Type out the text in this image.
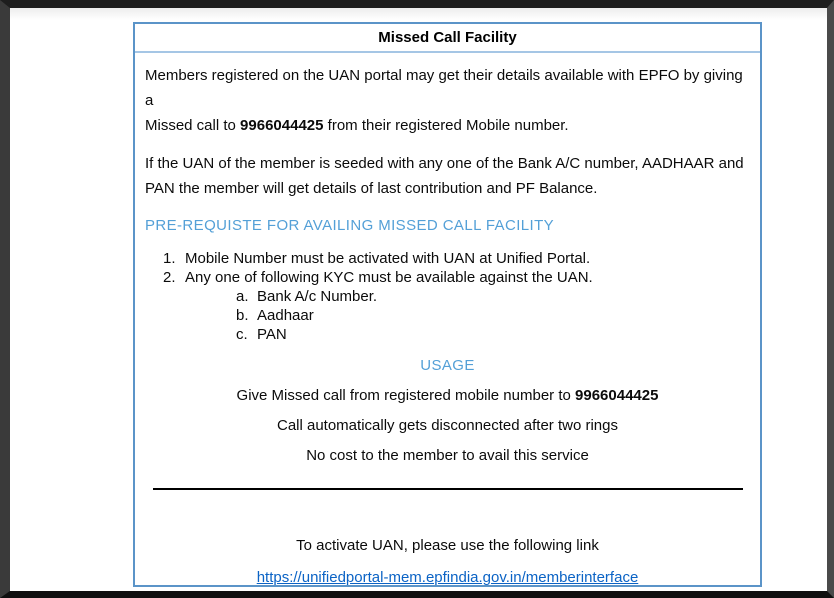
Missed Call Facility
Members registered on the UAN portal may get their details available with EPFO by giving a
Missed call to 9966044425 from their registered Mobile number.
If the UAN of the member is seeded with any one of the Bank A/C number, AADHAAR and
PAN the member will get details of last contribution and PF Balance.
PRE-REQUISTE FOR AVAILING MISSED CALL FACILITY
1. Mobile Number must be activated with UAN at Unified Portal.
2. Any one of following KYC must be available against the UAN.
a. Bank A/c Number.
b. Aadhaar
c. PAN
USAGE
Give Missed call from registered mobile number to 9966044425
Call automatically gets disconnected after two rings
No cost to the member to avail this service
To activate UAN, please use the following link
https://unifiedportal-mem.epfindia.gov.in/memberinterface
